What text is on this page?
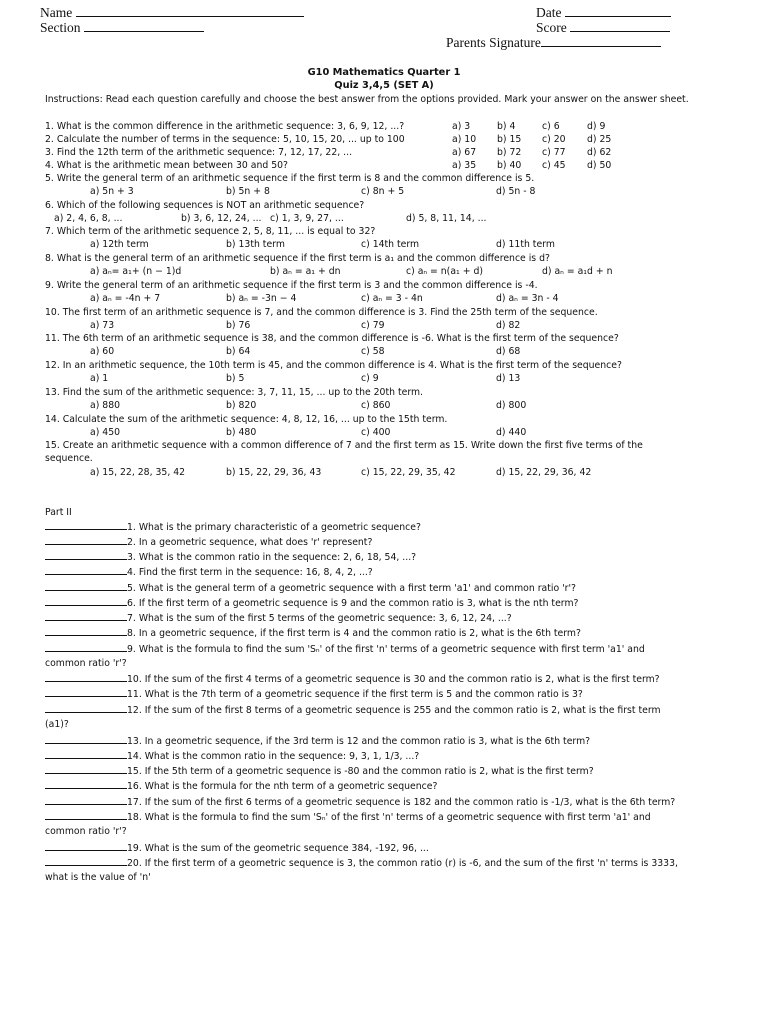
Name
Section
Date
Score
Parents Signature
G10 Mathematics Quarter 1
Quiz 3,4,5 (SET A)
Instructions: Read each question carefully and choose the best answer from the options provided. Mark your answer on the answer sheet.
1. What is the common difference in the arithmetic sequence: 3, 6, 9, 12, ...?	a) 3	b) 4	c) 6	d) 9
2. Calculate the number of terms in the sequence: 5, 10, 15, 20, ... up to 100	a) 10 b) 15 c) 20 d) 25
3. Find the 12th term of the arithmetic sequence: 7, 12, 17, 22, ...	a) 67 b) 72 c) 77 d) 62
4. What is the arithmetic mean between 30 and 50?	a) 35 b) 40 c) 45 d) 50
5. Write the general term of an arithmetic sequence if the first term is 8 and the common difference is 5.
a) 5n + 3	b) 5n + 8	c) 8n + 5	d) 5n - 8
6. Which of the following sequences is NOT an arithmetic sequence?
a) 2, 4, 6, 8, ...	b) 3, 6, 12, 24, ... c) 1, 3, 9, 27, ...	d) 5, 8, 11, 14, ...
7. Which term of the arithmetic sequence 2, 5, 8, 11, ... is equal to 32?
a) 12th term	b) 13th term	c) 14th term	d) 11th term
8. What is the general term of an arithmetic sequence if the first term is a₁ and the common difference is d?
a) aₙ= a₁+ (n − 1)d	b) aₙ = a₁ + dn	c) aₙ = n(a₁ + d)	d) aₙ = a₁d + n
9. Write the general term of an arithmetic sequence if the first term is 3 and the common difference is -4.
a) aₙ = -4n + 7	b) aₙ = -3n − 4	c) aₙ = 3 - 4n	d) aₙ = 3n - 4
10. The first term of an arithmetic sequence is 7, and the common difference is 3. Find the 25th term of the sequence.
a) 73	b) 76	c) 79	d) 82
11. The 6th term of an arithmetic sequence is 38, and the common difference is -6. What is the first term of the sequence?
a) 60	b) 64	c) 58	d) 68
12. In an arithmetic sequence, the 10th term is 45, and the common difference is 4. What is the first term of the sequence?
a) 1	b) 5	c) 9	d) 13
13. Find the sum of the arithmetic sequence: 3, 7, 11, 15, ... up to the 20th term.
a) 880	b) 820	c) 860	d) 800
14. Calculate the sum of the arithmetic sequence: 4, 8, 12, 16, ... up to the 15th term.
a) 450	b) 480	c) 400	d) 440
15. Create an arithmetic sequence with a common difference of 7 and the first term as 15. Write down the first five terms of the
sequence.
a) 15, 22, 28, 35, 42	b) 15, 22, 29, 36, 43	c) 15, 22, 29, 35, 42	d) 15, 22, 29, 36, 42
Part II
1. What is the primary characteristic of a geometric sequence?
2. In a geometric sequence, what does 'r' represent?
3. What is the common ratio in the sequence: 2, 6, 18, 54, ...?
4. Find the first term in the sequence: 16, 8, 4, 2, ...?
5. What is the general term of a geometric sequence with a first term 'a1' and common ratio 'r'?
6. If the first term of a geometric sequence is 9 and the common ratio is 3, what is the nth term?
7. What is the sum of the first 5 terms of the geometric sequence: 3, 6, 12, 24, ...?
8. In a geometric sequence, if the first term is 4 and the common ratio is 2, what is the 6th term?
9. What is the formula to find the sum 'Sₙ' of the first 'n' terms of a geometric sequence with first term 'a1' and
common ratio 'r'?
10. If the sum of the first 4 terms of a geometric sequence is 30 and the common ratio is 2, what is the first term?
11. What is the 7th term of a geometric sequence if the first term is 5 and the common ratio is 3?
12. If the sum of the first 8 terms of a geometric sequence is 255 and the common ratio is 2, what is the first term
(a1)?
13. In a geometric sequence, if the 3rd term is 12 and the common ratio is 3, what is the 6th term?
14. What is the common ratio in the sequence: 9, 3, 1, 1/3, ...?
15. If the 5th term of a geometric sequence is -80 and the common ratio is 2, what is the first term?
16. What is the formula for the nth term of a geometric sequence?
17. If the sum of the first 6 terms of a geometric sequence is 182 and the common ratio is -1/3, what is the 6th term?
18. What is the formula to find the sum 'Sₙ' of the first 'n' terms of a geometric sequence with first term 'a1' and
common ratio 'r'?
19. What is the sum of the geometric sequence 384, -192, 96, ...
20. If the first term of a geometric sequence is 3, the common ratio (r) is -6, and the sum of the first 'n' terms is 3333,
what is the value of 'n'
